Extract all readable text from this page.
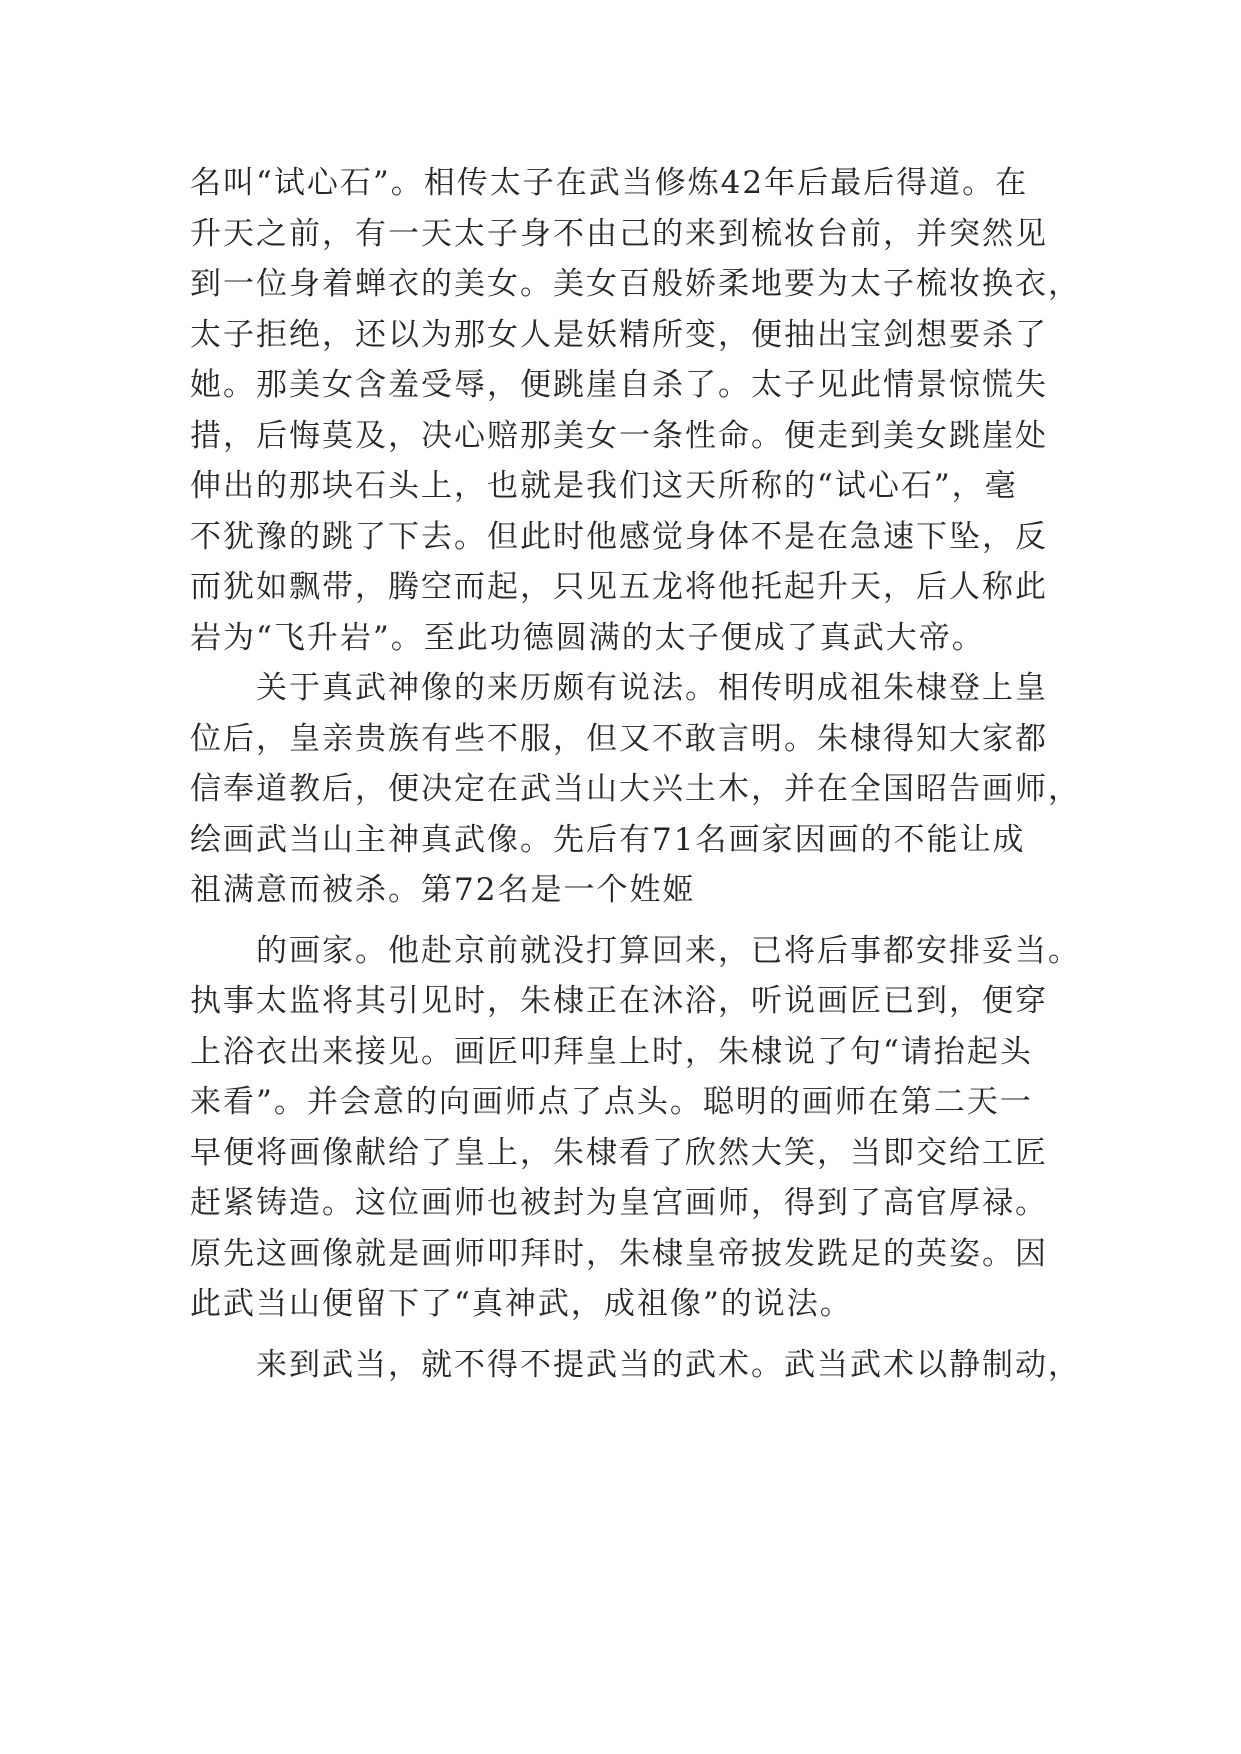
名叫“试心石”。相传太子在武当修炼42年后最后得道。在
升天之前，有一天太子身不由己的来到梳妆台前，并突然见
到一位身着蝉衣的美女。美女百般娇柔地要为太子梳妆换衣，
太子拒绝，还以为那女人是妖精所变，便抽出宝剑想要杀了
她。那美女含羞受辱，便跳崖自杀了。太子见此情景惊慌失
措，后悔莫及，决心赔那美女一条性命。便走到美女跳崖处
伸出的那块石头上，也就是我们这天所称的“试心石”，毫
不犹豫的跳了下去。但此时他感觉身体不是在急速下坠，反
而犹如飘带，腾空而起，只见五龙将他托起升天，后人称此
岩为“飞升岩”。至此功德圆满的太子便成了真武大帝。
关于真武神像的来历颇有说法。相传明成祖朱棣登上皇
位后，皇亲贵族有些不服，但又不敢言明。朱棣得知大家都
信奉道教后，便决定在武当山大兴土木，并在全国昭告画师，
绘画武当山主神真武像。先后有71名画家因画的不能让成
祖满意而被杀。第72名是一个姓姬
的画家。他赴京前就没打算回来，已将后事都安排妥当。
执事太监将其引见时，朱棣正在沐浴，听说画匠已到，便穿
上浴衣出来接见。画匠叩拜皇上时，朱棣说了句“请抬起头
来看”。并会意的向画师点了点头。聪明的画师在第二天一
早便将画像献给了皇上，朱棣看了欣然大笑，当即交给工匠
赶紧铸造。这位画师也被封为皇宫画师，得到了高官厚禄。
原先这画像就是画师叩拜时，朱棣皇帝披发跣足的英姿。因
此武当山便留下了“真神武，成祖像”的说法。
来到武当，就不得不提武当的武术。武当武术以静制动，
